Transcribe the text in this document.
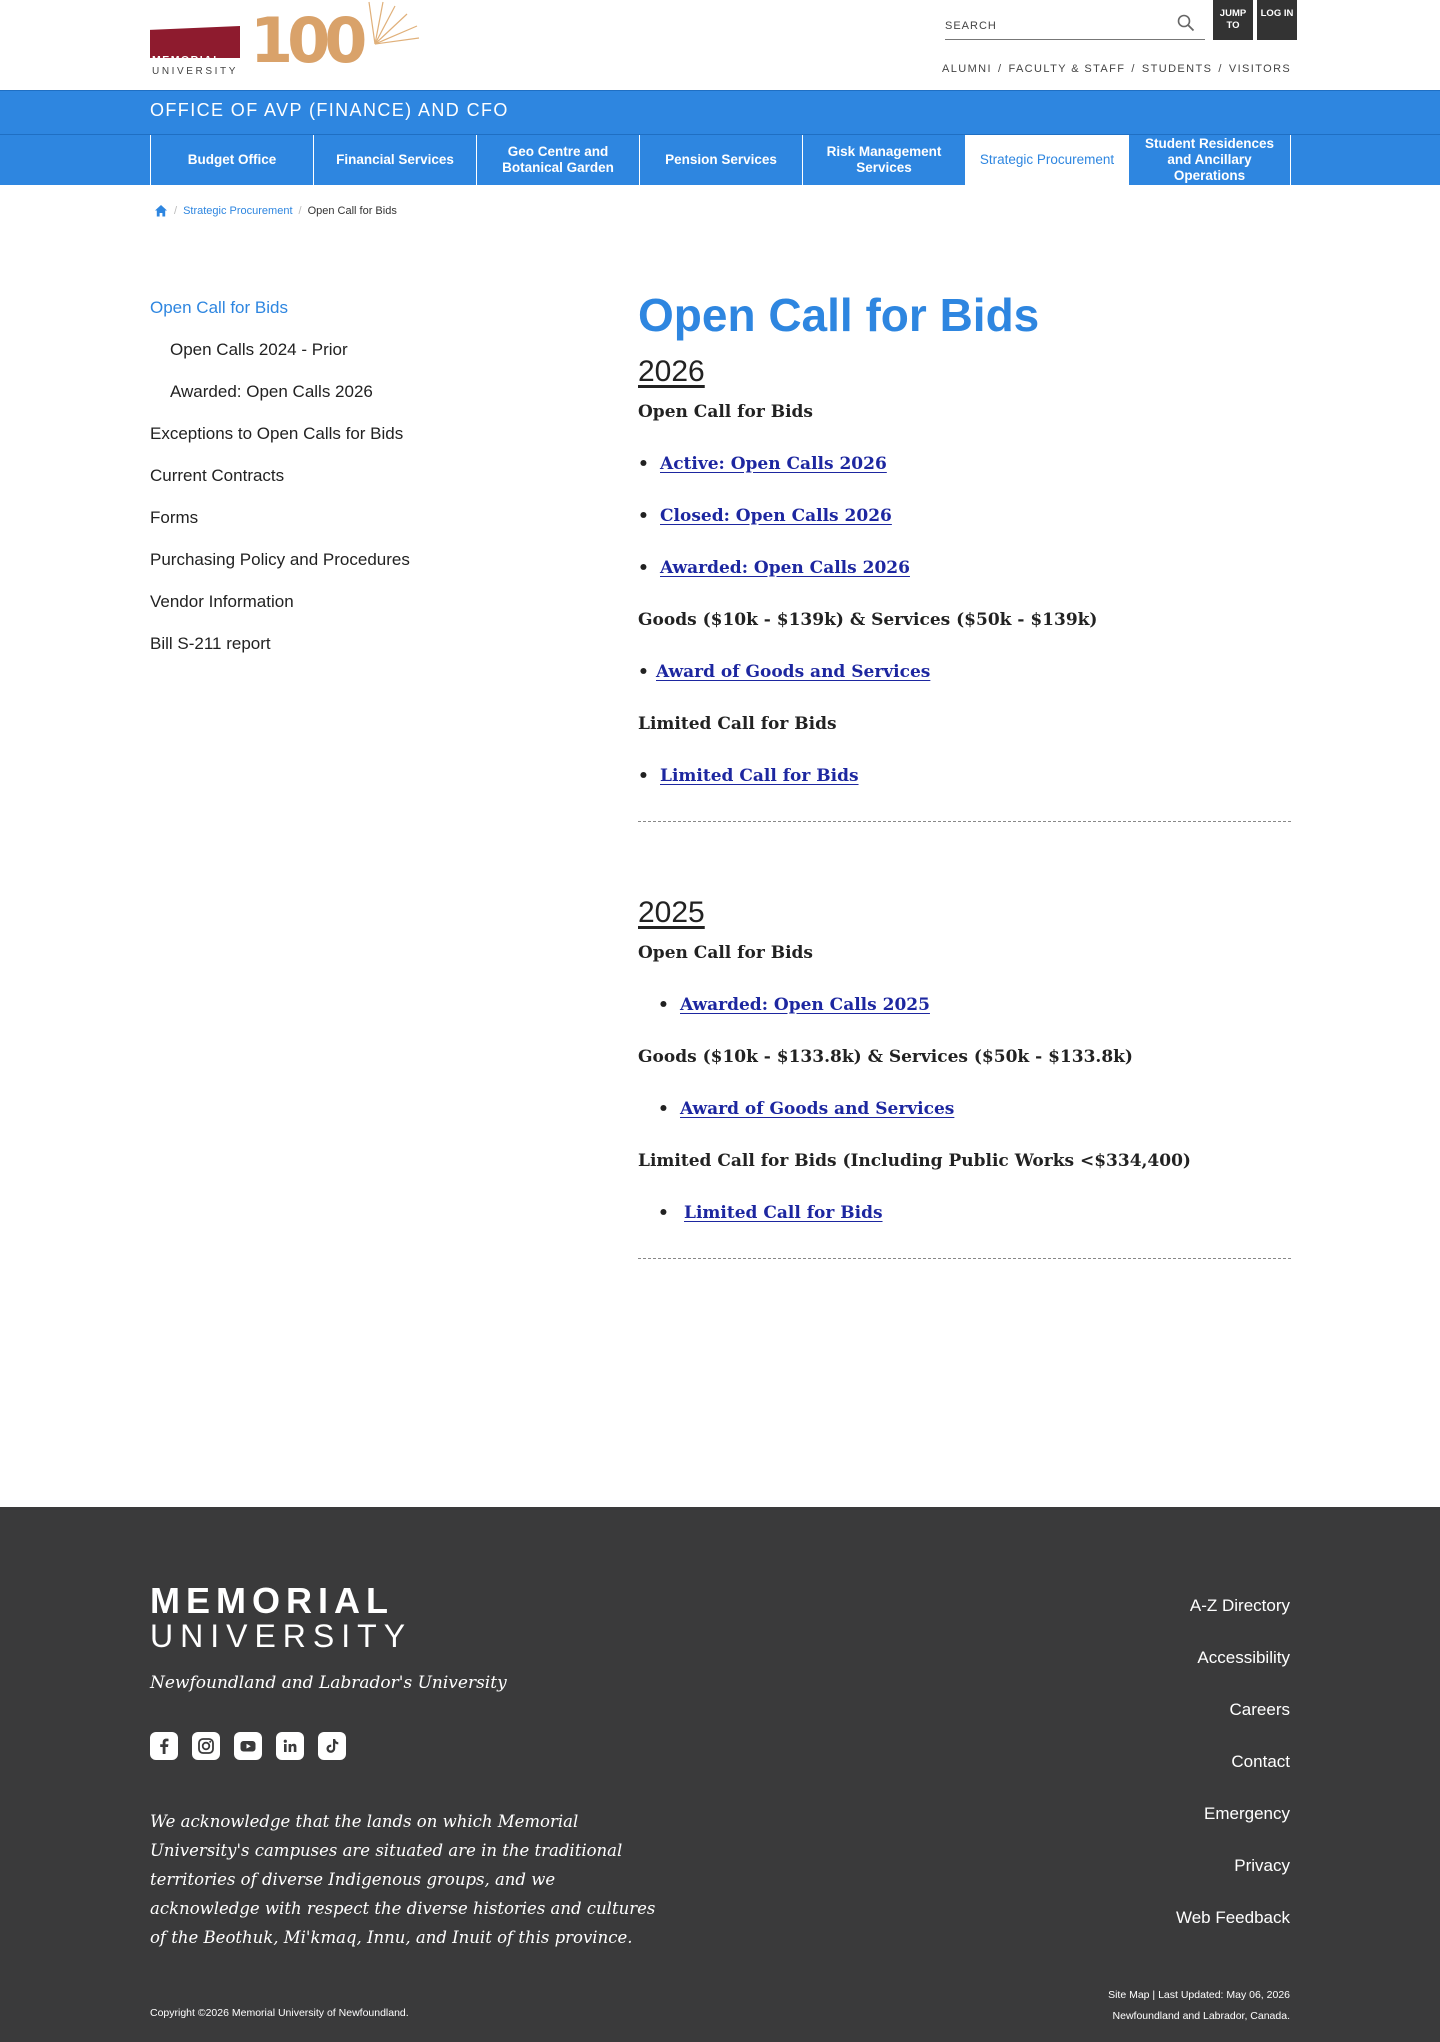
MEMORIAL
UNIVERSITY 100
SEARCH	JUMP TO
LOG IN
ALUMNI / FACULTY & STAFF / STUDENTS / VISITORS
OFFICE OF AVP (FINANCE) AND CFO
Budget Office	Financial Services
Geo Centre and Botanical Garden
Pension Services
Risk Management Services
Strategic Procurement
Student Residences and Ancillary Operations
/ Strategic Procurement / Open Call for Bids
Open Call for Bids
Open Calls 2024 - Prior
Awarded: Open Calls 2026
Exceptions to Open Calls for Bids
Current Contracts
Forms
Purchasing Policy and Procedures
Vendor Information
Bill S-211 report
Open Call for Bids
2026
Open Call for Bids
• Active: Open Calls 2026
• Closed: Open Calls 2026
• Awarded: Open Calls 2026
Goods ($10k - $139k) & Services ($50k - $139k)
• Award of Goods and Services
Limited Call for Bids
• Limited Call for Bids
2025
Open Call for Bids
• Awarded: Open Calls 2025
Goods ($10k - $133.8k) & Services ($50k - $133.8k)
• Award of Goods and Services
Limited Call for Bids (Including Public Works <$334,400)
• Limited Call for Bids
MEMORIAL
UNIVERSITY
Newfoundland and Labrador's University
We acknowledge that the lands on which Memorial University's campuses are situated are in the traditional territories of diverse Indigenous groups, and we acknowledge with respect the diverse histories and cultures of the Beothuk, Mi'kmaq, Innu, and Inuit of this province.
A-Z Directory
Accessibility
Careers
Contact
Emergency
Privacy
Web Feedback
Copyright ©2026 Memorial University of Newfoundland.
Site Map | Last Updated: May 06, 2026
Newfoundland and Labrador, Canada.
